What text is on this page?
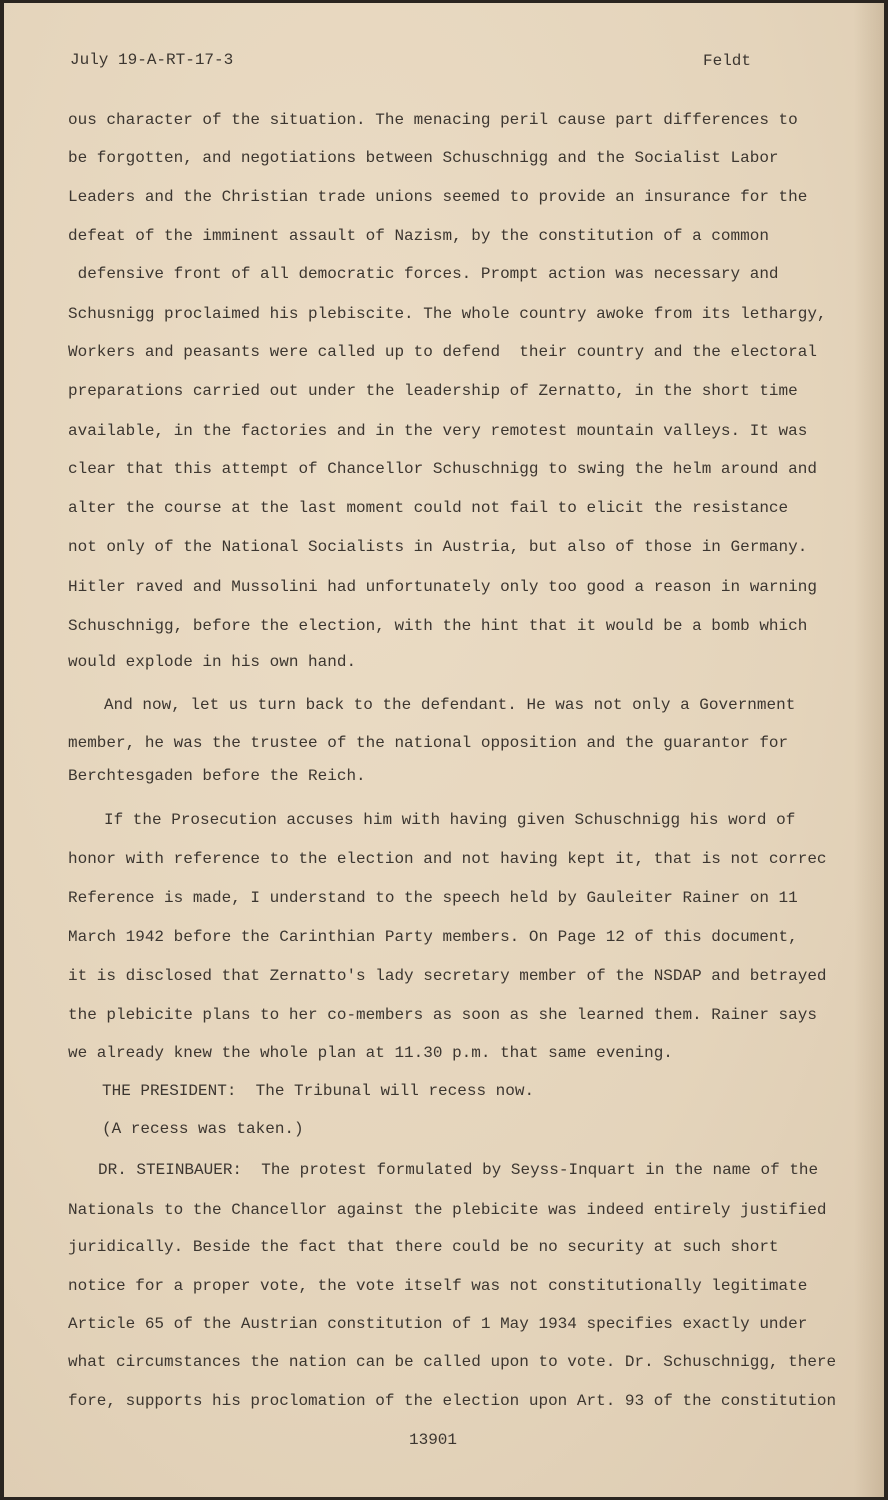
July 19-A-RT-17-3	Feldt
ous character of the situation. The menacing peril cause part differences to
be forgotten, and negotiations between Schuschnigg and the Socialist Labor
Leaders and the Christian trade unions seemed to provide an insurance for the
defeat of the imminent assault of Nazism, by the constitution of a common
defensive front of all democratic forces. Prompt action was necessary and
Schusnigg proclaimed his plebiscite. The whole country awoke from its lethargy,
Workers and peasants were called up to defend  their country and the electoral
preparations carried out under the leadership of Zernatto, in the short time
available, in the factories and in the very remotest mountain valleys. It was
clear that this attempt of Chancellor Schuschnigg to swing the helm around and
alter the course at the last moment could not fail to elicit the resistance
not only of the National Socialists in Austria, but also of those in Germany.
Hitler raved and Mussolini had unfortunately only too good a reason in warning
Schuschnigg, before the election, with the hint that it would be a bomb which
would explode in his own hand.
And now, let us turn back to the defendant. He was not only a Government
member, he was the trustee of the national opposition and the guarantor for
Berchtesgaden before the Reich.
If the Prosecution accuses him with having given Schuschnigg his word of
honor with reference to the election and not having kept it, that is not correc
Reference is made, I understand to the speech held by Gauleiter Rainer on 11
March 1942 before the Carinthian Party members. On Page 12 of this document,
it is disclosed that Zernatto's lady secretary member of the NSDAP and betrayed
the plebicite plans to her co-members as soon as she learned them. Rainer says
we already knew the whole plan at 11.30 p.m. that same evening.
THE PRESIDENT:  The Tribunal will recess now.
(A recess was taken.)
DR. STEINBAUER:  The protest formulated by Seyss-Inquart in the name of the
Nationals to the Chancellor against the plebicite was indeed entirely justified
juridically. Beside the fact that there could be no security at such short
notice for a proper vote, the vote itself was not constitutionally legitimate
Article 65 of the Austrian constitution of 1 May 1934 specifies exactly under
what circumstances the nation can be called upon to vote. Dr. Schuschnigg, there
fore, supports his proclomation of the election upon Art. 93 of the constitution
13901
